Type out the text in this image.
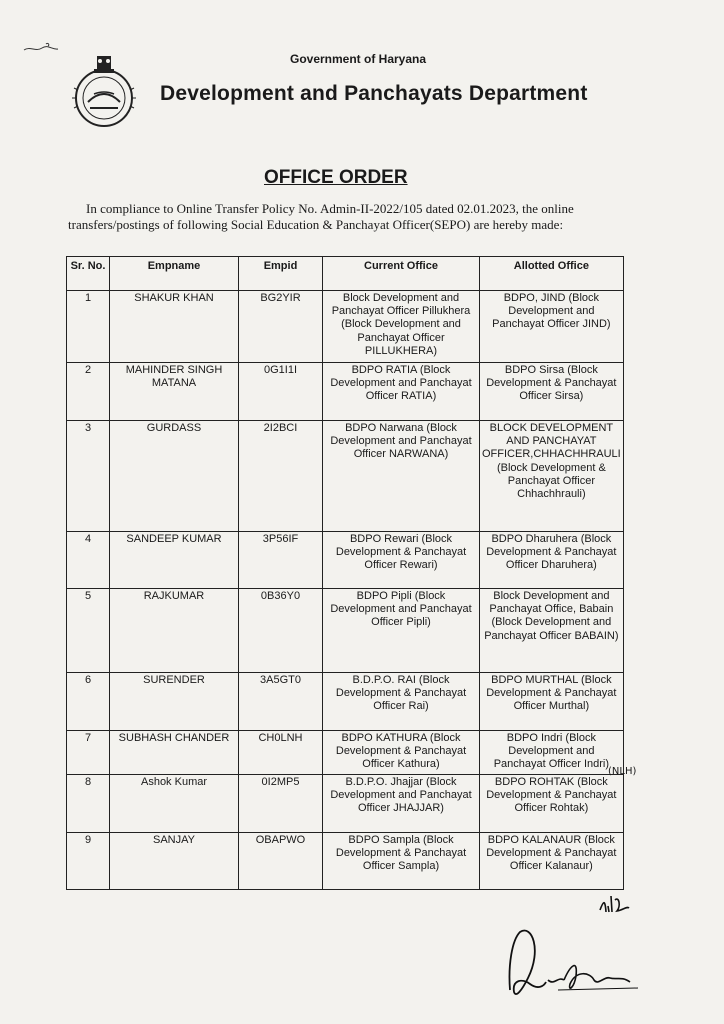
Government of Haryana
Development and Panchayats Department
OFFICE ORDER
In compliance to Online Transfer Policy No. Admin-II-2022/105 dated 02.01.2023, the online transfers/postings of following Social Education & Panchayat Officer(SEPO) are hereby made:
Sr. No.	Empname	Empid	Current Office	Allotted Office
1	SHAKUR KHAN	BG2YIR	Block Development and Panchayat Officer Pillukhera (Block Development and Panchayat Officer PILLUKHERA)	BDPO, JIND (Block Development and Panchayat Officer JIND)
2	MAHINDER SINGH MATANA	0G1I1I	BDPO RATIA (Block Development and Panchayat Officer RATIA)	BDPO Sirsa (Block Development & Panchayat Officer Sirsa)
3	GURDASS	2I2BCI	BDPO Narwana (Block Development and Panchayat Officer NARWANA)	BLOCK DEVELOPMENT AND PANCHAYAT OFFICER,CHHACHHRAULI (Block Development & Panchayat Officer Chhachhrauli)
4	SANDEEP KUMAR	3P56IF	BDPO Rewari (Block Development & Panchayat Officer Rewari)	BDPO Dharuhera (Block Development & Panchayat Officer Dharuhera)
5	RAJKUMAR	0B36Y0	BDPO Pipli (Block Development and Panchayat Officer Pipli)	Block Development and Panchayat Office, Babain (Block Development and Panchayat Officer BABAIN)
6	SURENDER	3A5GT0	B.D.P.O. RAI (Block Development & Panchayat Officer Rai)	BDPO MURTHAL (Block Development & Panchayat Officer Murthal)
7	SUBHASH CHANDER	CH0LNH	BDPO KATHURA (Block Development & Panchayat Officer Kathura)	BDPO Indri (Block Development and Panchayat Officer Indri)
8	Ashok Kumar	0I2MP5	B.D.P.O. Jhajjar (Block Development and Panchayat Officer JHAJJAR)	BDPO ROHTAK (Block Development & Panchayat Officer Rohtak)
9	SANJAY	OBAPWO	BDPO Sampla (Block Development & Panchayat Officer Sampla)	BDPO KALANAUR (Block Development & Panchayat Officer Kalanaur)
(NLH)
